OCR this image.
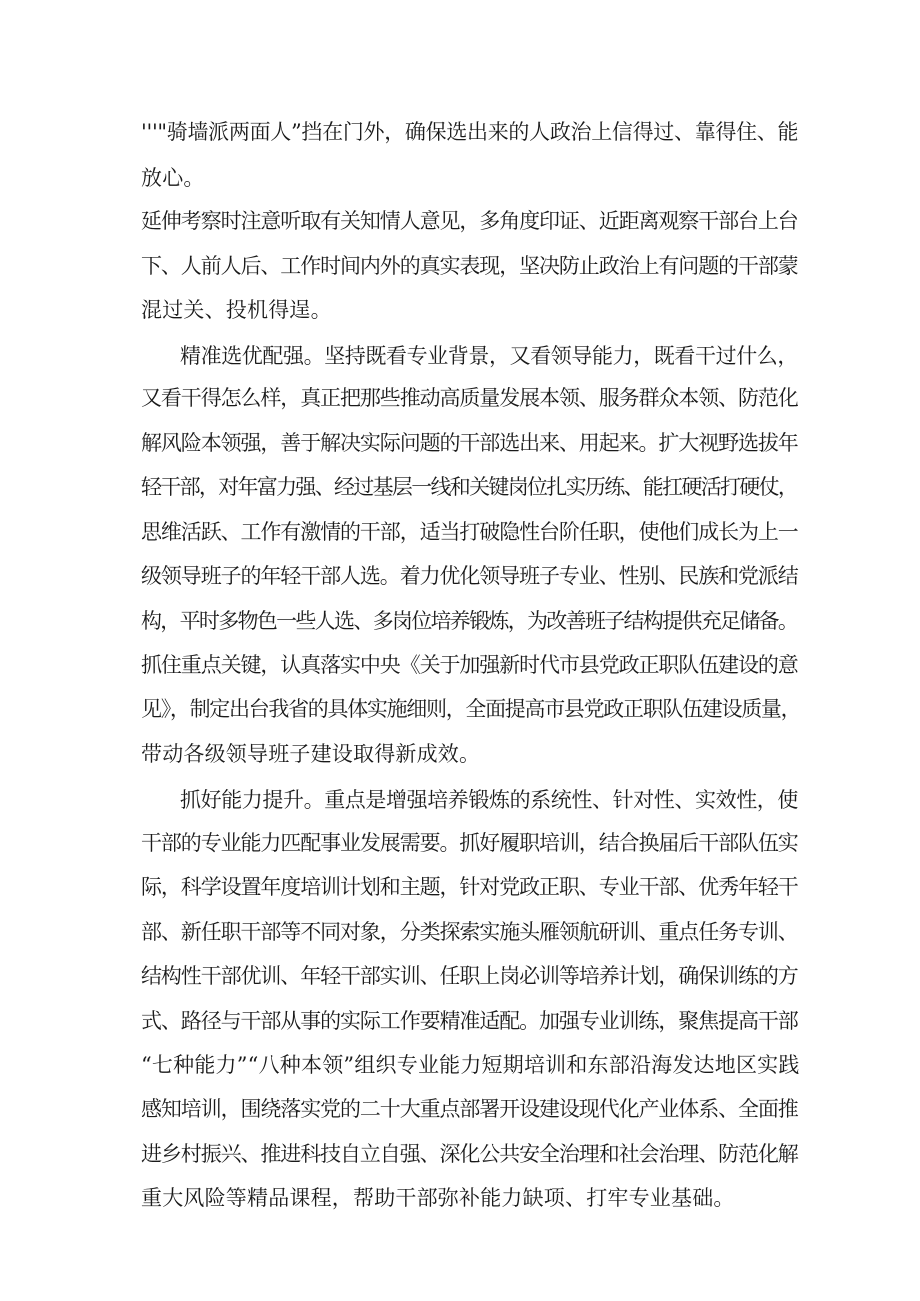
'''"骑墙派两面人”挡在门外，确保选出来的人政治上信得过、靠得住、能

放心。

延伸考察时注意听取有关知情人意见，多角度印证、近距离观察干部台上台

下、人前人后、工作时间内外的真实表现，坚决防止政治上有问题的干部蒙

混过关、投机得逞。

精准选优配强。坚持既看专业背景，又看领导能力，既看干过什么，

又看干得怎么样，真正把那些推动高质量发展本领、服务群众本领、防范化

解风险本领强，善于解决实际问题的干部选出来、用起来。扩大视野选拔年

轻干部，对年富力强、经过基层一线和关键岗位扎实历练、能扛硬活打硬仗，

思维活跃、工作有激情的干部，适当打破隐性台阶任职，使他们成长为上一

级领导班子的年轻干部人选。着力优化领导班子专业、性别、民族和党派结

构，平时多物色一些人选、多岗位培养锻炼，为改善班子结构提供充足储备。

抓住重点关键，认真落实中央《关于加强新时代市县党政正职队伍建设的意

见》，制定出台我省的具体实施细则，全面提高市县党政正职队伍建设质量，

带动各级领导班子建设取得新成效。

抓好能力提升。重点是增强培养锻炼的系统性、针对性、实效性，使

干部的专业能力匹配事业发展需要。抓好履职培训，结合换届后干部队伍实

际，科学设置年度培训计划和主题，针对党政正职、专业干部、优秀年轻干

部、新任职干部等不同对象，分类探索实施头雁领航研训、重点任务专训、

结构性干部优训、年轻干部实训、任职上岗必训等培养计划，确保训练的方

式、路径与干部从事的实际工作要精准适配。加强专业训练，聚焦提高干部

“七种能力”“八种本领”组织专业能力短期培训和东部沿海发达地区实践

感知培训，围绕落实党的二十大重点部署开设建设现代化产业体系、全面推

进乡村振兴、推进科技自立自强、深化公共安全治理和社会治理、防范化解

重大风险等精品课程，帮助干部弥补能力缺项、打牢专业基础。
